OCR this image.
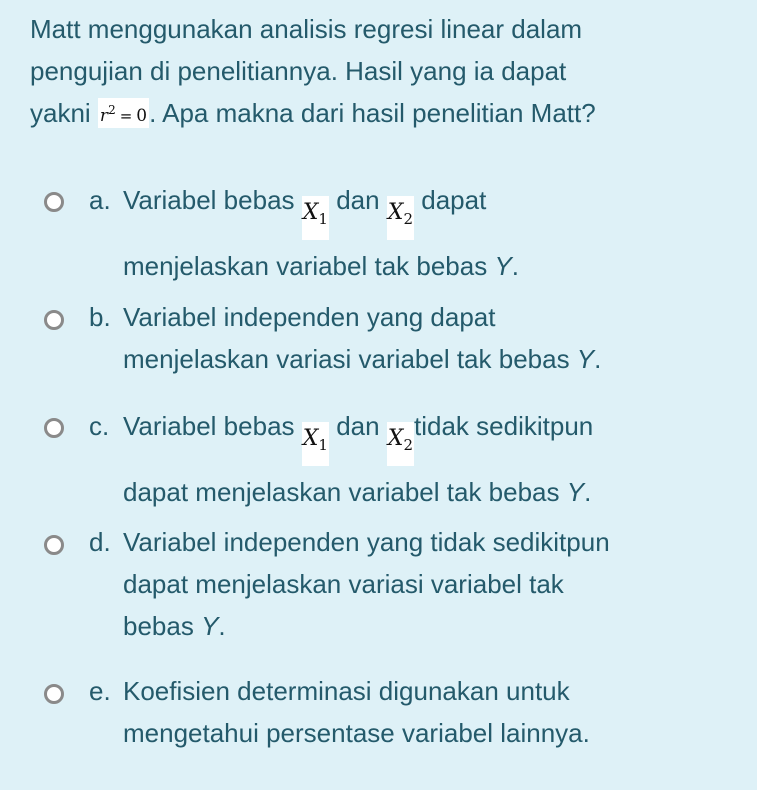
Matt menggunakan analisis regresi linear dalam
pengujian di penelitiannya. Hasil yang ia dapat
yakni $r^2 = 0$. Apa makna dari hasil penelitian Matt?
a. Variabel bebas $X_1$ dan $X_2$ dapat
menjelaskan variabel tak bebas Y.
b. Variabel independen yang dapat
menjelaskan variasi variabel tak bebas Y.
c. Variabel bebas $X_1$ dan $X_2tidak$ sedikitpun
dapat menjelaskan variabel tak bebas Y.
d. Variabel independen yang tidak sedikitpun
dapat menjelaskan variasi variabel tak
bebas Y.
e. Koefisien determinasi digunakan untuk
mengetahui persentase variabel lainnya.
